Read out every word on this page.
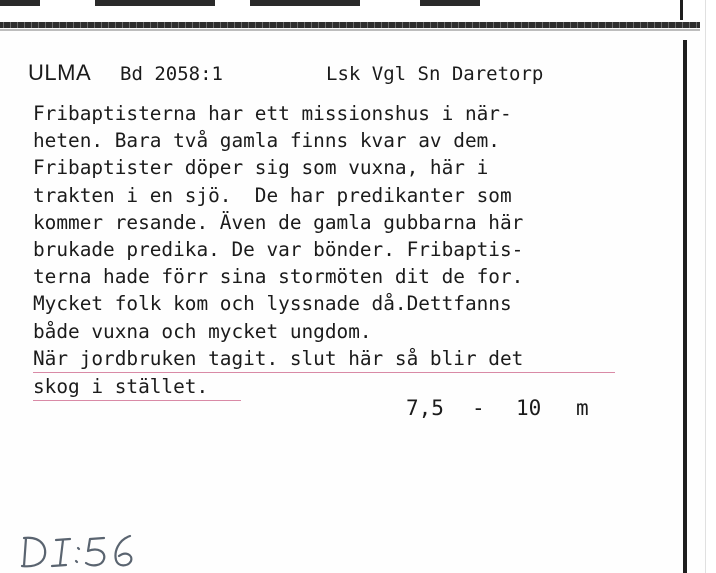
ULMA Bd 2058:1	Lsk Vgl Sn Daretorp
Fribaptisterna har ett missionshus i när-
heten. Bara två gamla finns kvar av dem.
Fribaptister döper sig som vuxna, här i
trakten i en sjö.  De har predikanter som
kommer resande. Även de gamla gubbarna här
brukade predika. De var bönder. Fribaptis-
terna hade förr sina stormöten dit de for.
Mycket folk kom och lyssnade då.Dettfanns
både vuxna och mycket ungdom.
När jordbruken tagit. slut här så blir det
skog i stället.
7,5 - 10 m
